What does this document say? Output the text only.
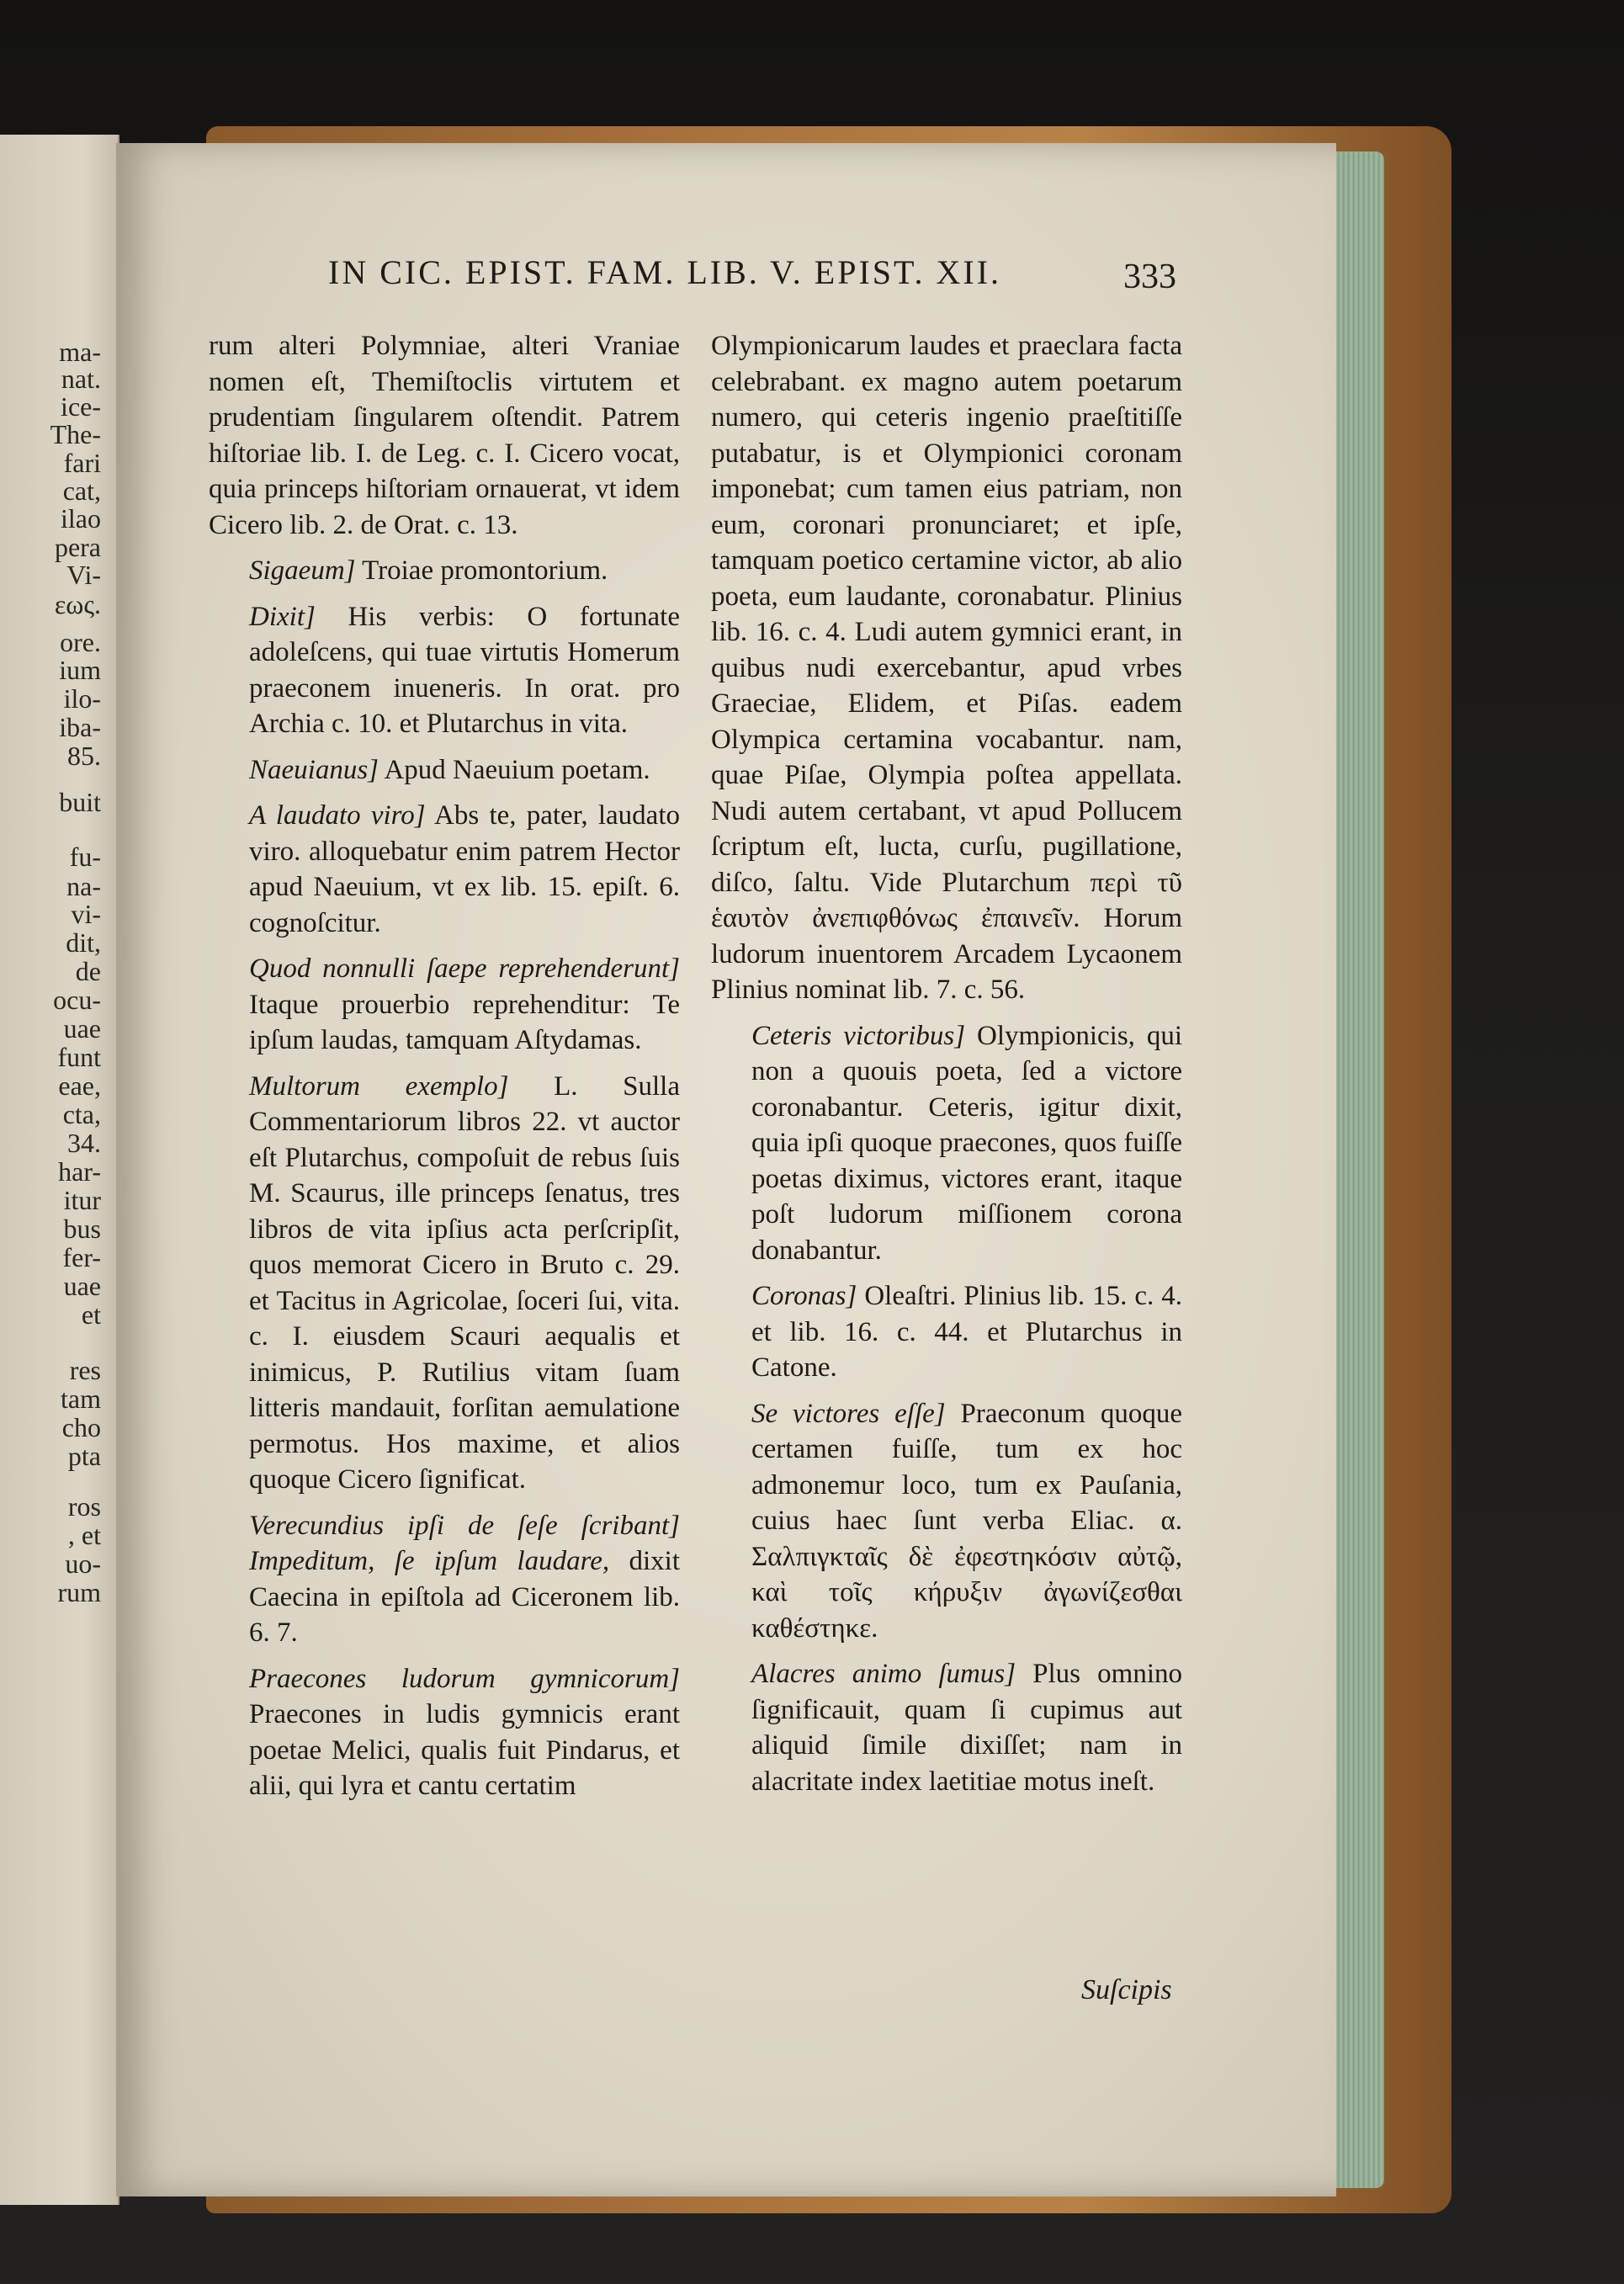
ma-
nat.
ice-
The-
fari
cat,
ilao
pera
Vi-
εως.
ore.
ium
ilo-
iba-
85.
buit
fu-
na-
vi-
dit,
de
ocu-
uae
funt
eae,
cta,
34.
har-
itur
bus
fer-
uae
et
res
tam
cho
pta
ros
, et
uo-
rum
IN CIC. EPIST. FAM. LIB. V. EPIST. XII.	333

rum alteri Polymniae, alteri Vraniae nomen eſt, Themiſtoclis virtutem et prudentiam ſingularem oſtendit. Patrem hiſtoriae lib. I. de Leg. c. I. Cicero vocat, quia princeps hiſtoriam ornauerat, vt idem Cicero lib. 2. de Orat. c. 13.

Sigaeum] Troiae promontorium.

Dixit] His verbis: O fortunate adoleſcens, qui tuae virtutis Homerum praeconem inueneris. In orat. pro Archia c. 10. et Plutarchus in vita.

Naeuianus] Apud Naeuium poetam.

A laudato viro] Abs te, pater, laudato viro. alloquebatur enim patrem Hector apud Naeuium, vt ex lib. 15. epiſt. 6. cognoſcitur.

Quod nonnulli ſaepe reprehenderunt] Itaque prouerbio reprehenditur: Te ipſum laudas, tamquam Aſtydamas.

Multorum exemplo] L. Sulla Commentariorum libros 22. vt auctor eſt Plutarchus, compoſuit de rebus ſuis M. Scaurus, ille princeps ſenatus, tres libros de vita ipſius acta perſcripſit, quos memorat Cicero in Bruto c. 29. et Tacitus in Agricolae, ſoceri ſui, vita. c. I. eiusdem Scauri aequalis et inimicus, P. Rutilius vitam ſuam litteris mandauit, forſitan aemulatione permotus. Hos maxime, et alios quoque Cicero ſignificat.

Verecundius ipſi de ſeſe ſcribant] Impeditum, ſe ipſum laudare, dixit Caecina in epiſtola ad Ciceronem lib. 6. 7.

Praecones ludorum gymnicorum] Praecones in ludis gymnicis erant poetae Melici, qualis fuit Pindarus, et alii, qui lyra et cantu certatim

Olympionicarum laudes et praeclara facta celebrabant. ex magno autem poetarum numero, qui ceteris ingenio praeſtitiſſe putabatur, is et Olympionici coronam imponebat; cum tamen eius patriam, non eum, coronari pronunciaret; et ipſe, tamquam poetico certamine victor, ab alio poeta, eum laudante, coronabatur. Plinius lib. 16. c. 4. Ludi autem gymnici erant, in quibus nudi exercebantur, apud vrbes Graeciae, Elidem, et Piſas. eadem Olympica certamina vocabantur. nam, quae Piſae, Olympia poſtea appellata. Nudi autem certabant, vt apud Pollucem ſcriptum eſt, lucta, curſu, pugillatione, diſco, ſaltu. Vide Plutarchum περὶ τῦ ἑαυτὸν ἀνεπιφθόνως ἐπαινεῖν. Horum ludorum inuentorem Arcadem Lycaonem Plinius nominat lib. 7. c. 56.

Ceteris victoribus] Olympionicis, qui non a quouis poeta, ſed a victore coronabantur. Ceteris, igitur dixit, quia ipſi quoque praecones, quos fuiſſe poetas diximus, victores erant, itaque poſt ludorum miſſionem corona donabantur.

Coronas] Oleaſtri. Plinius lib. 15. c. 4. et lib. 16. c. 44. et Plutarchus in Catone.

Se victores eſſe] Praeconum quoque certamen fuiſſe, tum ex hoc admonemur loco, tum ex Pauſania, cuius haec ſunt verba Eliac. α. Σαλπιγκταῖς δὲ ἐφεστηκόσιν αὐτῷ, καὶ τοῖς κήρυξιν ἀγωνίζεσθαι καθέστηκε.

Alacres animo ſumus] Plus omnino ſignificauit, quam ſi cupimus aut aliquid ſimile dixiſſet; nam in alacritate index laetitiae motus ineſt.

Suſcipis
